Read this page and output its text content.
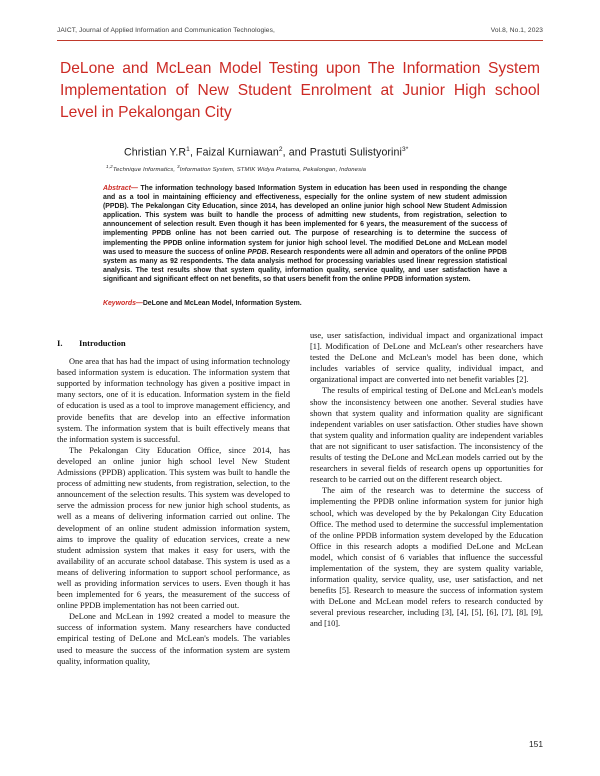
JAICT, Journal of Applied Information and Communication Technologies,	Vol.8, No.1, 2023
DeLone and McLean Model Testing upon The Information System Implementation of New Student Enrolment at Junior High school Level in Pekalongan City
Christian $Y.R^1$, Faizal Kurniawan$^2$, and Prastuti Sulistyorini$^{3*}$
$^{1,2}$Technique Informatics, $^3$Information System, STMIK Widya Pratama, Pekalongan, Indonesia
Abstract— The information technology based Information System in education has been used in responding the change and as a tool in maintaining efficiency and effectiveness, especially for the online system of new student admission (PPDB). The Pekalongan City Education, since 2014, has developed an online junior high school New Student Admission application. This system was built to handle the process of admitting new students, from registration, selection to announcement of selection result. Even though it has been implemented for 6 years, the measurement of the success of implementing PPDB online has not been carried out. The purpose of researching is to determine the success of implementing the PPDB online information system for junior high school level. The modified DeLone and McLean model was used to measure the success of online PPDB. Research respondents were all admin and operators of the online PPDB system as many as 92 respondents. The data analysis method for processing variables used linear regression statistical analysis. The test results show that system quality, information quality, service quality, and user satisfaction have a significant and significant effect on net benefits, so that users benefit from the online PPDB information system.
Keywords—DeLone and McLean Model, Information System.
I.	Introduction

One area that has had the impact of using information technology based information system is education. The information system that supported by information technology has given a positive impact in many sectors, one of it is education. Information system in the field of education is used as a tool to improve management efficiency, and provide benefits that are develop into an effective information system. The information system that is built effectively means that the information system is successful.

The Pekalongan City Education Office, since 2014, has developed an online junior high school level New Student Admissions (PPDB) application. This system was built to handle the process of admitting new students, from registration, selection, to the announcement of the selection results. This system was developed to serve the admission process for new junior high school students, as well as a means of delivering information carried out online. The development of an online student admission information system, aims to improve the quality of education services, create a new student admission system that makes it easy for users, with the availability of an accurate school database. This system is used as a means of delivering information to support school performance, as well as providing information services to users. Even though it has been implemented for 6 years, the measurement of the success of online PPDB implementation has not been carried out.

DeLone and McLean in 1992 created a model to measure the success of information system. Many researchers have conducted empirical testing of DeLone and McLean's models. The variables used to measure the success of the information system are system quality, information quality,

use, user satisfaction, individual impact and organizational impact [1]. Modification of DeLone and McLean's other researchers have tested the DeLone and McLean's model has been done, which includes variables of service quality, individual impact, and organizational impact are converted into net benefit variables [2].

The results of empirical testing of DeLone and McLean's models show the inconsistency between one another. Several studies have shown that system quality and information quality are significant independent variables on user satisfaction. Other studies have shown that system quality and information quality are independent variables that are not significant to user satisfaction. The inconsistency of the results of testing the DeLone and McLean models carried out by the researchers in several fields of research opens up opportunities for research to be carried out on the different research object.

The aim of the research was to determine the success of implementing the PPDB online information system for junior high school, which was developed by the by Pekalongan City Education Office. The method used to determine the successful implementation of the online PPDB information system developed by the Education Office in this research adopts a modified DeLone and McLean model, which consist of 6 variables that influence the successful implementation of the system, they are system quality variable, information quality, service quality, use, user satisfaction, and net benefits [5]. Research to measure the success of information system with DeLone and McLean model refers to research conducted by several previous researcher, including [3], [4], [5], [6], [7], [8], [9], and [10].

151
